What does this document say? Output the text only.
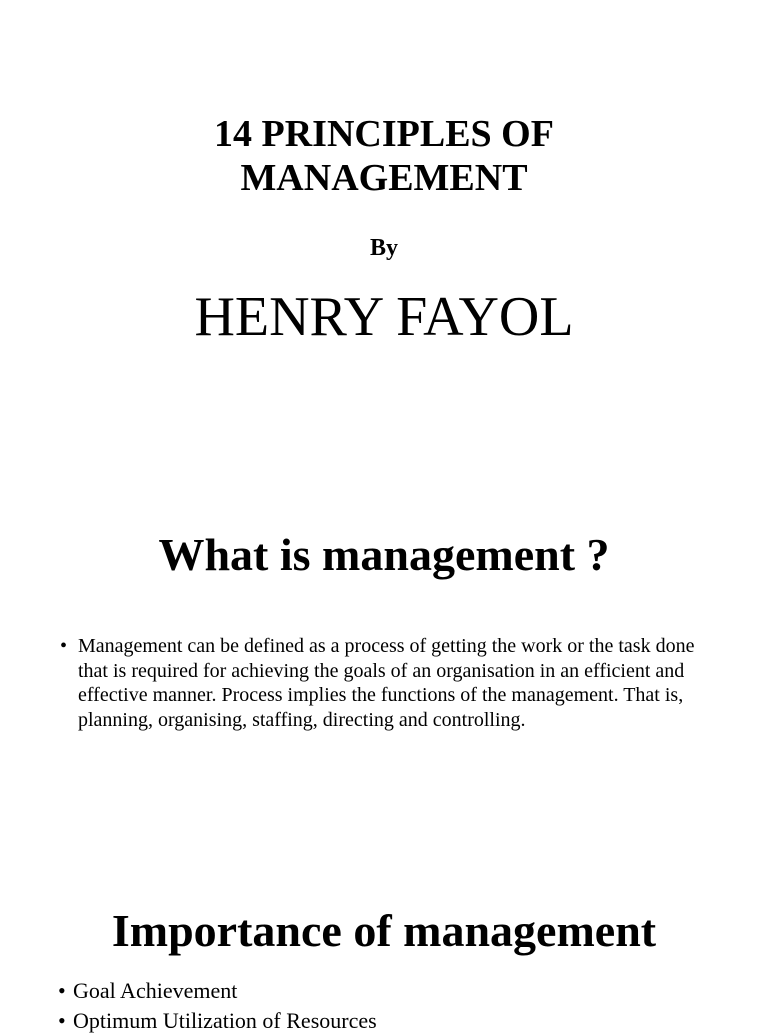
14 PRINCIPLES OF
MANAGEMENT
By
HENRY FAYOL
What is management ?
• Management can be defined as a process of getting the work or the task done that is required for achieving the goals of an organisation in an efficient and effective manner. Process implies the functions of the management. That is, planning, organising, staffing, directing and controlling.
Importance of management
• Goal Achievement
• Optimum Utilization of Resources
